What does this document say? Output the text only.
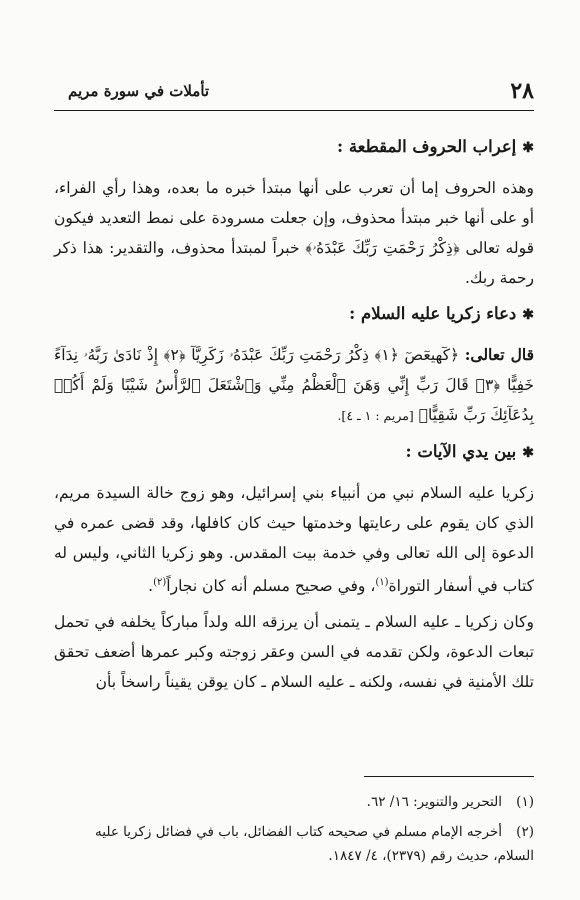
٢٨
تأملات في سورة مريم

✱إعراب الحروف المقطعة :

وهذه الحروف إما أن تعرب على أنها مبتدأ خبره ما بعده، وهذا رأي الفراء، أو على أنها خبر مبتدأ محذوف، وإن جعلت مسرودة على نمط التعديد فيكون قوله تعالى ﴿ذِكْرُ رَحْمَتِ رَبِّكَ عَبْدَهُۥ﴾ خبراً لمبتدأ محذوف، والتقدير: هذا ذكر رحمة ربك.

✱دعاء زكريا عليه السلام :

قال تعالى: ﴿كٓهيعٓصٓ ﴿١﴾ ذِكْرُ رَحْمَتِ رَبِّكَ عَبْدَهُۥ زَكَرِيَّآ ﴿٢﴾ إِذْ نَادَىٰ رَبَّهُۥ نِدَآءً خَفِيًّا ﴿٣﴾ قَالَ رَبِّ إِنِّي وَهَنَ ٱلْعَظْمُ مِنِّي وَٱشْتَعَلَ ٱلرَّأْسُ شَيْبًا وَلَمْ أَكُنۢ بِدُعَآئِكَ رَبِّ شَقِيًّا﴾ [مريم : ١ ـ ٤].

✱بين يدي الآيات :

زكريا عليه السلام نبي من أنبياء بني إسرائيل، وهو زوج خالة السيدة مريم، الذي كان يقوم على رعايتها وخدمتها حيث كان كافلها، وقد قضى عمره في الدعوة إلى الله تعالى وفي خدمة بيت المقدس. وهو زكريا الثاني، وليس له كتاب في أسفار التوراة$^{(١)}$، وفي صحيح مسلم أنه كان نجاراً$^{(٢)}$.

وكان زكريا ـ عليه السلام ـ يتمنى أن يرزقه الله ولداً مباركاً يخلفه في تحمل تبعات الدعوة، ولكن تقدمه في السن وعقر زوجته وكبر عمرها أضعف تحقق تلك الأمنية في نفسه، ولكنه ـ عليه السلام ـ كان يوقن يقيناً راسخاً بأن

(١)التحرير والتنوير: ١٦/ ٦٢.

(٢)أخرجه الإمام مسلم في صحيحه كتاب الفضائل، باب في فضائل زكريا عليه السلام، حديث رقم (٢٣٧٩)، ٤/ ١٨٤٧.
